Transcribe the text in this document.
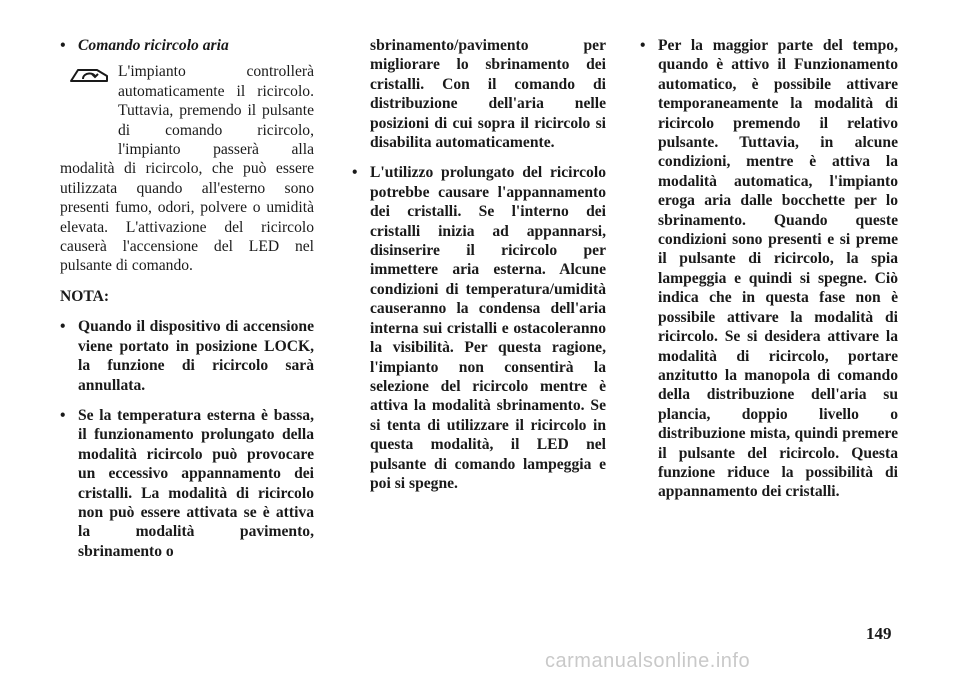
• Comando ricircolo aria

L'impianto controllerà automaticamente il ricircolo. Tuttavia, premendo il pulsante di comando ricircolo, l'impianto passerà alla modalità di ricircolo, che può essere utilizzata quando all'esterno sono presenti fumo, odori, polvere o umidità elevata. L'attivazione del ricircolo causerà l'accensione del LED nel pulsante di comando.

NOTA:
• Quando il dispositivo di accensione viene portato in posizione LOCK, la funzione di ricircolo sarà annullata.
• Se la temperatura esterna è bassa, il funzionamento prolungato della modalità ricircolo può provocare un eccessivo appannamento dei cristalli. La modalità di ricircolo non può essere attivata se è attiva la modalità pavimento, sbrinamento o

sbrinamento/pavimento per migliorare lo sbrinamento dei cristalli. Con il comando di distribuzione dell'aria nelle posizioni di cui sopra il ricircolo si disabilita automaticamente.

• L'utilizzo prolungato del ricircolo potrebbe causare l'appannamento dei cristalli. Se l'interno dei cristalli inizia ad appannarsi, disinserire il ricircolo per immettere aria esterna. Alcune condizioni di temperatura/umidità causeranno la condensa dell'aria interna sui cristalli e ostacoleranno la visibilità. Per questa ragione, l'impianto non consentirà la selezione del ricircolo mentre è attiva la modalità sbrinamento. Se si tenta di utilizzare il ricircolo in questa modalità, il LED nel pulsante di comando lampeggia e poi si spegne.
• Per la maggior parte del tempo, quando è attivo il Funzionamento automatico, è possibile attivare temporaneamente la modalità di ricircolo premendo il relativo pulsante. Tuttavia, in alcune condizioni, mentre è attiva la modalità automatica, l'impianto eroga aria dalle bocchette per lo sbrinamento. Quando queste condizioni sono presenti e si preme il pulsante di ricircolo, la spia lampeggia e quindi si spegne. Ciò indica che in questa fase non è possibile attivare la modalità di ricircolo. Se si desidera attivare la modalità di ricircolo, portare anzitutto la manopola di comando della distribuzione dell'aria su plancia, doppio livello o distribuzione mista, quindi premere il pulsante del ricircolo. Questa funzione riduce la possibilità di appannamento dei cristalli.
149
carmanualsonline.info
